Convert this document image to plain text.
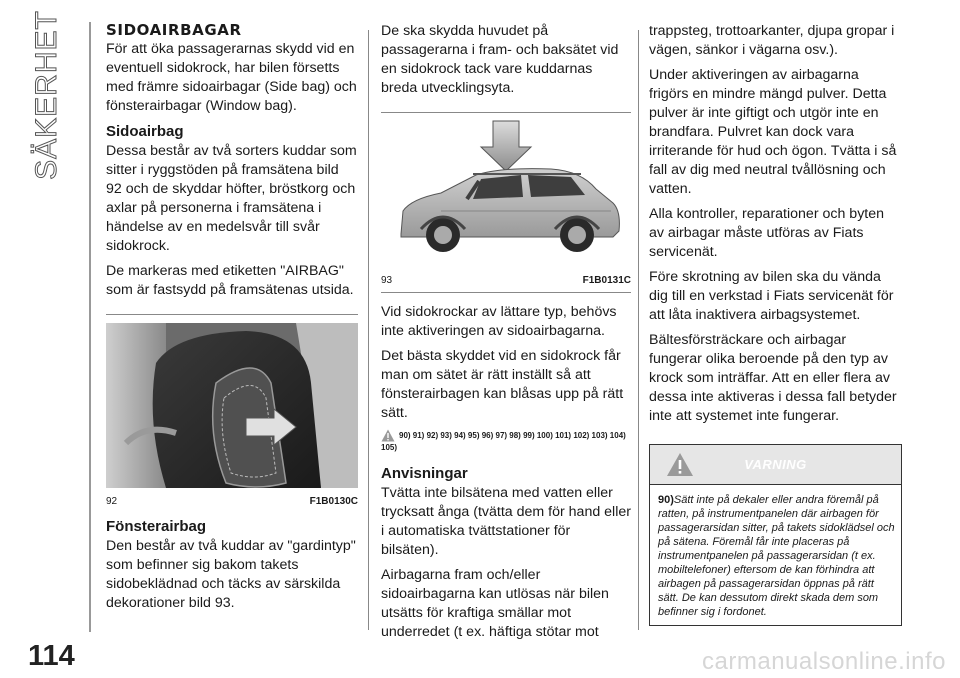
SÄKERHET	SIDOAIRBAGAR

För att öka passagerarnas skydd vid en eventuell sidokrock, har bilen försetts med främre sidoairbagar (Side bag) och fönsterairbagar (Window bag).

Sidoairbag

Dessa består av två sorters kuddar som sitter i ryggstöden på framsätena bild 92 och de skyddar höfter, bröstkorg och axlar på personerna i framsätena i händelse av en medelsvår till svår sidokrock.

De markeras med etiketten "AIRBAG" som är fastsydd på framsätenas utsida.

92	F1B0130C
Fönsterairbag

Den består av två kuddar av "gardintyp" som befinner sig bakom takets sidobeklädnad och täcks av särskilda dekorationer bild 93.

De ska skydda huvudet på passagerarna i fram- och baksätet vid en sidokrock tack vare kuddarnas breda utvecklingsyta.

93	F1B0131C

Vid sidokrockar av lättare typ, behövs inte aktiveringen av sidoairbagarna.

Det bästa skyddet vid en sidokrock får man om sätet är rätt inställt så att fönsterairbagen kan blåsas upp på rätt sätt.

90) 91) 92) 93) 94) 95) 96) 97) 98) 99) 100) 101) 102) 103) 104) 105)
Anvisningar

Tvätta inte bilsätena med vatten eller trycksatt ånga (tvätta dem för hand eller i automatiska tvättstationer för bilsäten).

Airbagarna fram och/eller sidoairbagarna kan utlösas när bilen utsätts för kraftiga smällar mot underredet (t ex. häftiga stötar mot

trappsteg, trottoarkanter, djupa gropar i vägen, sänkor i vägarna osv.).

Under aktiveringen av airbagarna frigörs en mindre mängd pulver. Detta pulver är inte giftigt och utgör inte en brandfara. Pulvret kan dock vara irriterande för hud och ögon. Tvätta i så fall av dig med neutral tvållösning och vatten.

Alla kontroller, reparationer och byten av airbagar måste utföras av Fiats servicenät.

Före skrotning av bilen ska du vända dig till en verkstad i Fiats servicenät för att låta inaktivera airbagsystemet.

Bältesförsträckare och airbagar fungerar olika beroende på den typ av krock som inträffar. Att en eller flera av dessa inte aktiveras i dessa fall betyder inte att systemet inte fungerar.

VARNING
90)Sätt inte på dekaler eller andra föremål på ratten, på instrumentpanelen där airbagen för passagerarsidan sitter, på takets sidoklädsel och på sätena. Föremål får inte placeras på instrumentpanelen på passagerarsidan (t ex. mobiltelefoner) eftersom de kan förhindra att airbagen på passagerarsidan öppnas på rätt sätt. De kan dessutom direkt skada dem som befinner sig i fordonet.
114	carmanualsonline.info
